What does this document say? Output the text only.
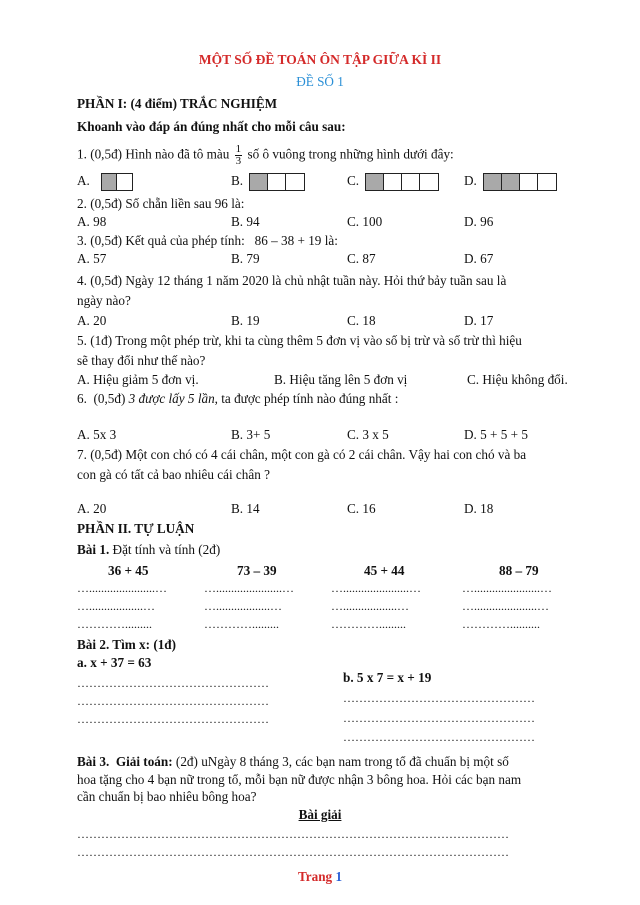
MỘT SỐ ĐỀ TOÁN ÔN TẬP GIỮA KÌ II
ĐỀ SỐ 1
PHẦN I: (4 điểm) TRẮC NGHIỆM
Khoanh vào đáp án đúng nhất cho mỗi câu sau:
1. (0,5đ) Hình nào đã tô màu $\frac{1}{3}$ số ô vuông trong những hình dưới đây:
A.	B.	C.	D.
2. (0,5đ) Số chẵn liền sau 96 là:
A. 98	B. 94	C. 100	D. 96
3. (0,5đ) Kết quả của phép tính:   86 – 38 + 19 là:
A. 57	B. 79	C. 87	D. 67
4. (0,5đ) Ngày 12 tháng 1 năm 2020 là chủ nhật tuần này. Hỏi thứ bảy tuần sau là
ngày nào?
A. 20	B. 19	C. 18	D. 17
5. (1đ) Trong một phép trừ, khi ta cùng thêm 5 đơn vị vào số bị trừ và số trừ thì hiệu
sẽ thay đổi như thế nào?
A. Hiệu giảm 5 đơn vị.	B. Hiệu tăng lên 5 đơn vị	C. Hiệu không đổi.
6.  (0,5đ) 3 được lấy 5 lần, ta được phép tính nào đúng nhất :
A. 5x 3	B. 3+ 5	C. 3 x 5	D. 5 + 5 + 5
7. (0,5đ) Một con chó có 4 cái chân, một con gà có 2 cái chân. Vậy hai con chó và ba
con gà có tất cả bao nhiêu cái chân ?
A. 20	B. 14	C. 16	D. 18
PHẦN II. TỰ LUẬN
Bài 1. Đặt tính và tính (2đ)
36 + 45	73 – 39	45 + 44	88 – 79
…......................…	…......................…	…......................…	…......................…
…..................…	…..................…	…..................…	….....................…
………….........	………….........	………….........	…………..........
Bài 2. Tìm x: (1đ)
a. x + 37 = 63
b. 5 x 7 = x + 19
…………………………………………
…………………………………………
…………………………………………
…………………………………………
…………………………………………
…………………………………………
Bài 3.  Giải toán: (2đ) uNgày 8 tháng 3, các bạn nam trong tổ đã chuẩn bị một số
hoa tặng cho 4 bạn nữ trong tổ, mỗi bạn nữ được nhận 3 bông hoa. Hỏi các bạn nam
cần chuẩn bị bao nhiêu bông hoa?
Bài giải
………………………………………………………………………………………………
………………………………………………………………………………………………
Trang 1
